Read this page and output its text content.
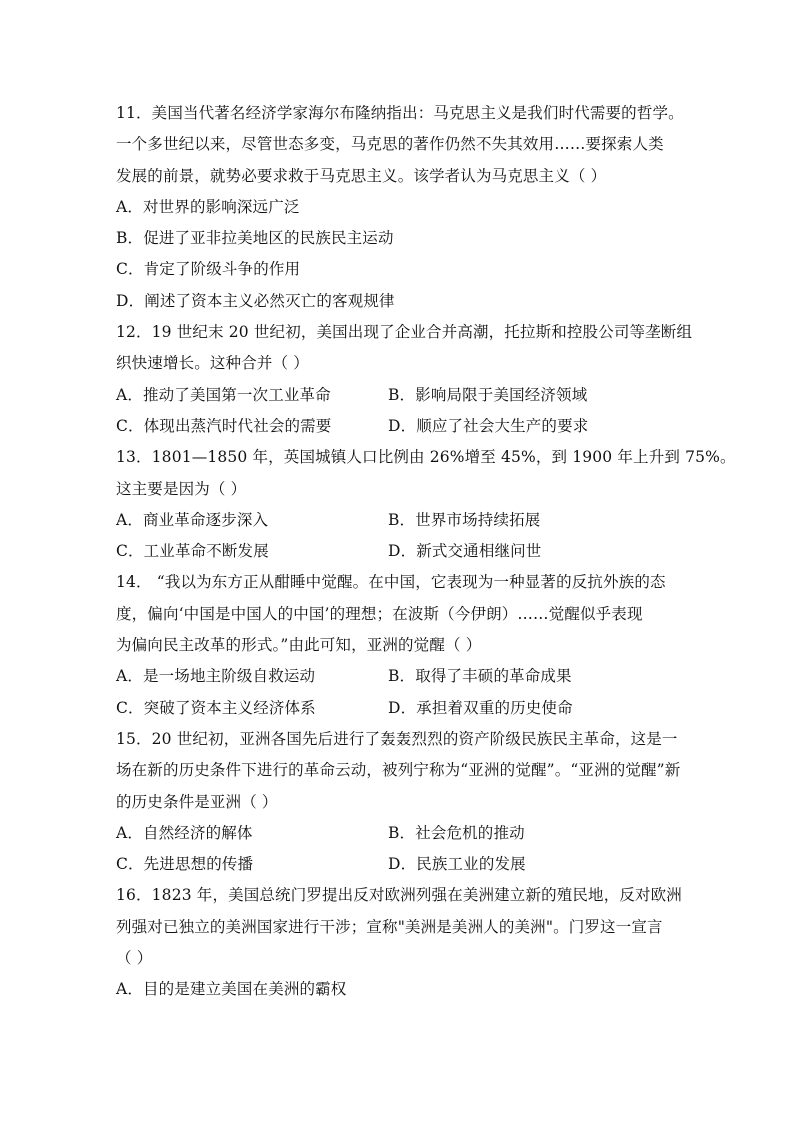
11．美国当代著名经济学家海尔布隆纳指出：马克思主义是我们时代需要的哲学。
一个多世纪以来，尽管世态多变，马克思的著作仍然不失其效用……要探索人类
发展的前景，就势必要求救于马克思主义。该学者认为马克思主义（ ）
A．对世界的影响深远广泛
B．促进了亚非拉美地区的民族民主运动
C．肯定了阶级斗争的作用
D．阐述了资本主义必然灭亡的客观规律
12．19 世纪末 20 世纪初，美国出现了企业合并高潮，托拉斯和控股公司等垄断组
织快速增长。这种合并（ ）
A．推动了美国第一次工业革命	B．影响局限于美国经济领域
C．体现出蒸汽时代社会的需要	D．顺应了社会大生产的要求
13．1801—1850 年，英国城镇人口比例由 26%增至 45%，到 1900 年上升到 75%。
这主要是因为（ ）
A．商业革命逐步深入	B．世界市场持续拓展
C．工业革命不断发展	D．新式交通相继问世
14． “我以为东方正从酣睡中觉醒。在中国，它表现为一种显著的反抗外族的态
度，偏向‘中国是中国人的中国’的理想；在波斯（今伊朗）……觉醒似乎表现
为偏向民主改革的形式。”由此可知，亚洲的觉醒（ ）
A．是一场地主阶级自救运动	B．取得了丰硕的革命成果
C．突破了资本主义经济体系	D．承担着双重的历史使命
15．20 世纪初，亚洲各国先后进行了轰轰烈烈的资产阶级民族民主革命，这是一
场在新的历史条件下进行的革命云动，被列宁称为“亚洲的觉醒”。“亚洲的觉醒”新
的历史条件是亚洲（ ）
A．自然经济的解体	B．社会危机的推动
C．先进思想的传播	D．民族工业的发展
16．1823 年，美国总统门罗提出反对欧洲列强在美洲建立新的殖民地，反对欧洲
列强对已独立的美洲国家进行干涉；宣称"美洲是美洲人的美洲"。门罗这一宣言
（ ）
A．目的是建立美国在美洲的霸权
